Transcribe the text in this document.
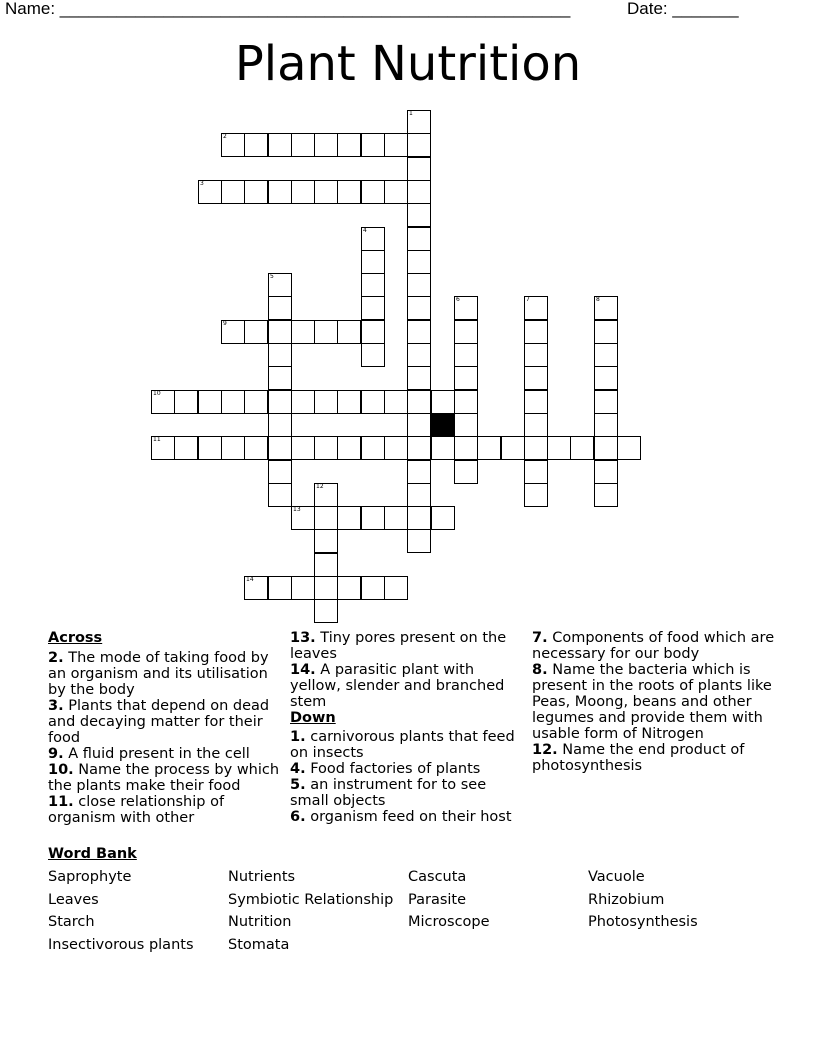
Name: ______________________________________________________	Date: _______
Plant Nutrition
1
2
3
4
5
6	7	8
9
10
11
12
13
14

Across

2. The mode of taking food by an organism and its utilisation by the body

3. Plants that depend on dead and decaying matter for their food

9. A fluid present in the cell

10. Name the process by which the plants make their food

11. close relationship of organism with other

13. Tiny pores present on the leaves

14. A parasitic plant with yellow, slender and branched stem

Down

1. carnivorous plants that feed on insects

4. Food factories of plants

5. an instrument for to see small objects

6. organism feed on their host

7. Components of food which are necessary for our body

8. Name the bacteria which is present in the roots of plants like Peas, Moong, beans and other legumes and provide them with usable form of Nitrogen

12. Name the end product of photosynthesis

Word Bank
Saprophyte
Leaves
Starch
Insectivorous plants
Nutrients
Symbiotic Relationship
Nutrition
Stomata
Cascuta
Parasite
Microscope
Vacuole
Rhizobium
Photosynthesis
